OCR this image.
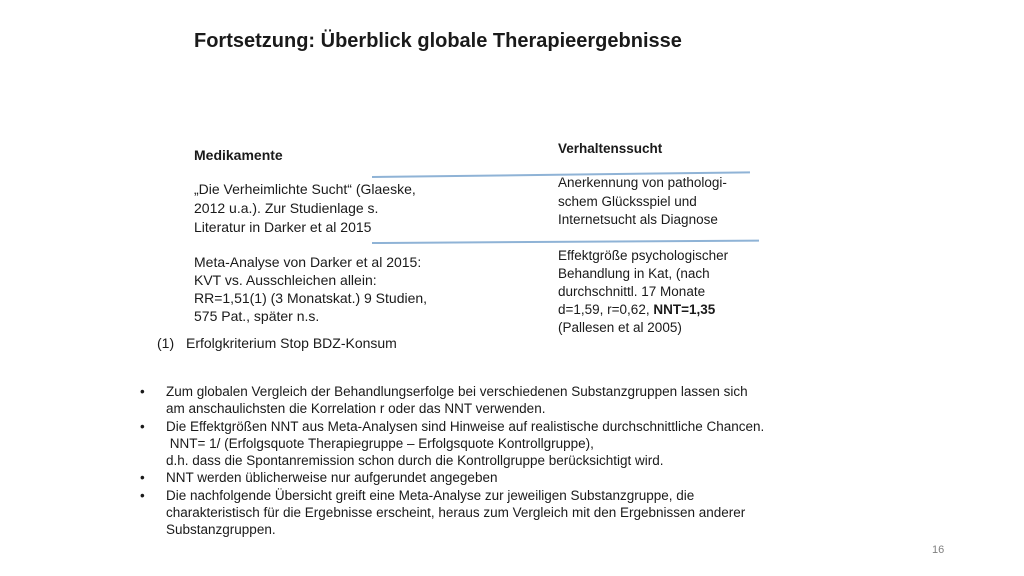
Fortsetzung: Überblick globale Therapieergebnisse
Medikamente
„Die Verheimlichte Sucht“ (Glaeske,
2012 u.a.). Zur Studienlage s.
Literatur in Darker et al 2015
Meta-Analyse von Darker et al 2015:
KVT vs. Ausschleichen allein:
RR=1,51(1) (3 Monatskat.) 9 Studien,
575 Pat., später n.s.
(1) Erfolgkriterium Stop BDZ-Konsum
Verhaltenssucht
Anerkennung von pathologi-
schem Glücksspiel und
Internetsucht als Diagnose
Effektgröße psychologischer
Behandlung in Kat, (nach
durchschnittl. 17 Monate
d=1,59, r=0,62, NNT=1,35
(Pallesen et al 2005)
• Zum globalen Vergleich der Behandlungserfolge bei verschiedenen Substanzgruppen lassen sich
am anschaulichsten die Korrelation r oder das NNT verwenden.
• Die Effektgrößen NNT aus Meta-Analysen sind Hinweise auf realistische durchschnittliche Chancen.
NNT= 1/ (Erfolgsquote Therapiegruppe – Erfolgsquote Kontrollgruppe),
d.h. dass die Spontanremission schon durch die Kontrollgruppe berücksichtigt wird.
• NNT werden üblicherweise nur aufgerundet angegeben
• Die nachfolgende Übersicht greift eine Meta-Analyse zur jeweiligen Substanzgruppe, die
charakteristisch für die Ergebnisse erscheint, heraus zum Vergleich mit den Ergebnissen anderer
Substanzgruppen.
16
